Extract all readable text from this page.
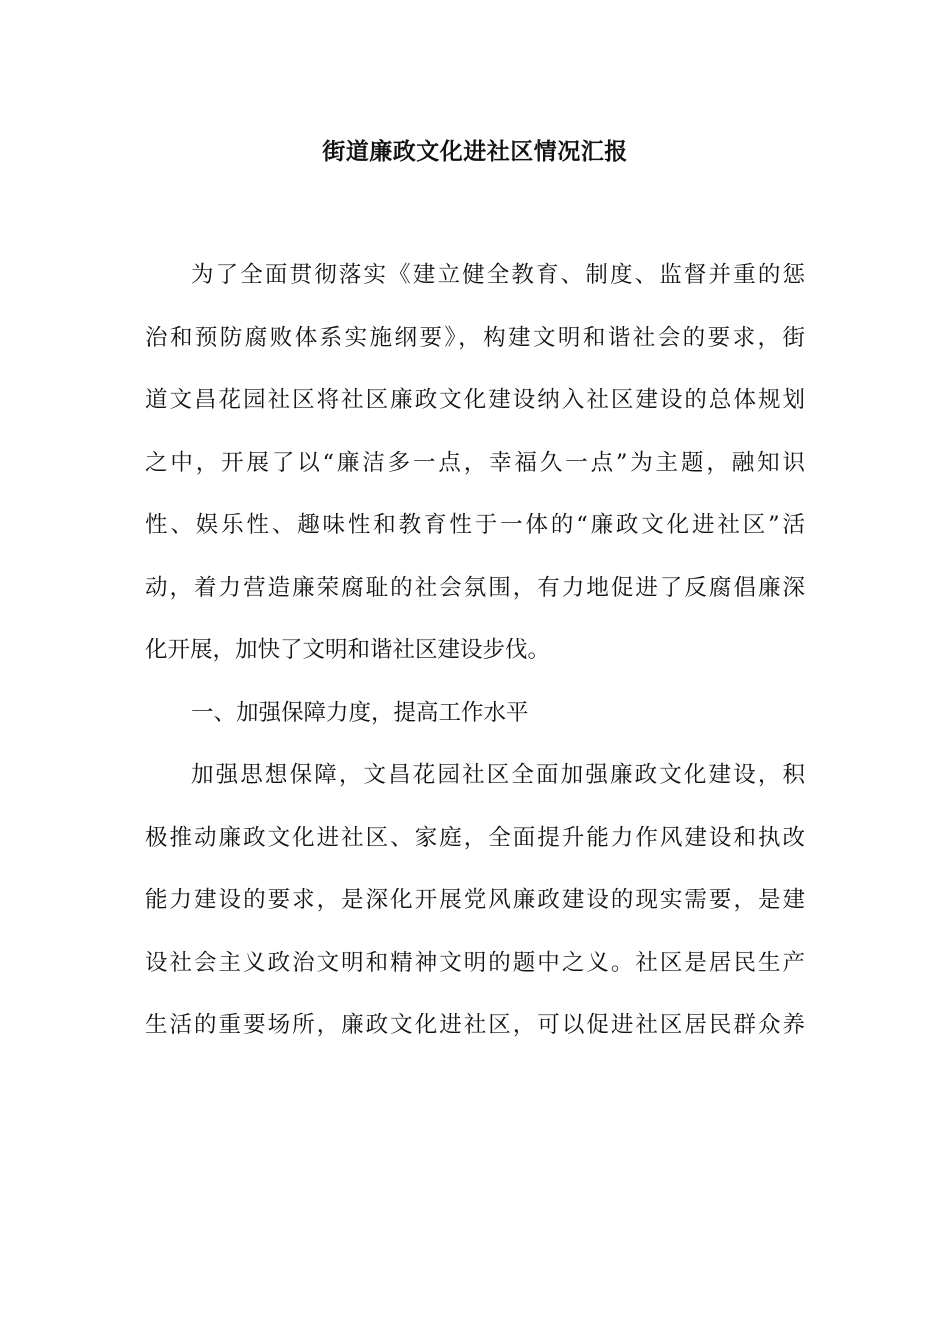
街道廉政文化进社区情况汇报
为了全面贯彻落实《建立健全教育、制度、监督并重的惩
治和预防腐败体系实施纲要》，构建文明和谐社会的要求，街
道文昌花园社区将社区廉政文化建设纳入社区建设的总体规划
之中，开展了以“廉洁多一点，幸福久一点”为主题，融知识
性、娱乐性、趣味性和教育性于一体的“廉政文化进社区”活
动，着力营造廉荣腐耻的社会氛围，有力地促进了反腐倡廉深
化开展，加快了文明和谐社区建设步伐。
一、加强保障力度，提高工作水平
加强思想保障，文昌花园社区全面加强廉政文化建设，积
极推动廉政文化进社区、家庭，全面提升能力作风建设和执改
能力建设的要求，是深化开展党风廉政建设的现实需要，是建
设社会主义政治文明和精神文明的题中之义。社区是居民生产
生活的重要场所，廉政文化进社区，可以促进社区居民群众养
